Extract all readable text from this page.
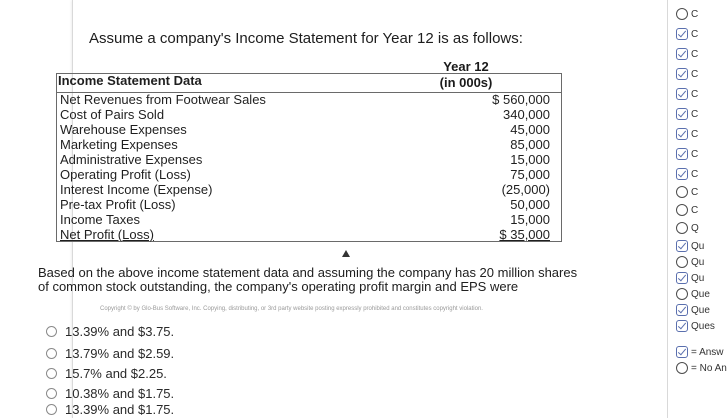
Assume a company's Income Statement for Year 12 is as follows:
Year 12
(in 000s)
Income Statement Data
Net Revenues from Footwear Sales	$ 560,000
Cost of Pairs Sold	340,000
Warehouse Expenses	45,000
Marketing Expenses	85,000
Administrative Expenses	15,000
Operating Profit (Loss)	75,000
Interest Income (Expense)	(25,000)
Pre-tax Profit (Loss)	50,000
Income Taxes	15,000
Net Profit (Loss)	$ 35,000
Based on the above income statement data and assuming the company has 20 million shares of common stock outstanding, the company's operating profit margin and EPS were
Copyright © by Glo-Bus Software, Inc. Copying, distributing, or 3rd party website posting expressly prohibited and constitutes copyright violation.
13.39% and $3.75.
13.79% and $2.59.
15.7% and $2.25.
10.38% and $1.75.
13.39% and $1.75.
C
C
C
C
C
C
C
C
C
C
C
Q
Qu
Qu
Qu
Que
Que
Ques
= Answ
= No An
